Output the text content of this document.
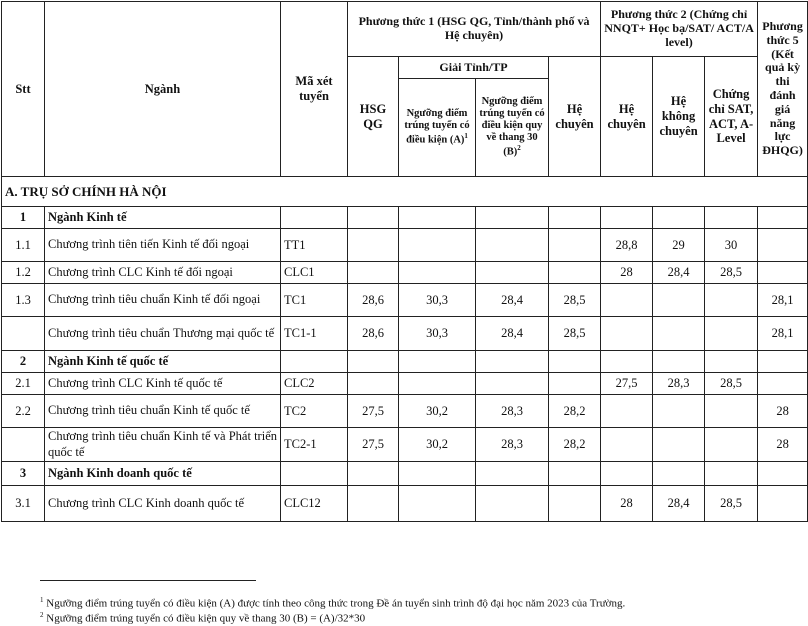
Stt	Ngành	Mã xét tuyển	Phương thức 1 (HSG QG, Tỉnh/thành phố và Hệ chuyên)				Phương thức 2 (Chứng chỉ NNQT+ Học bạ/SAT/ ACT/A level)			Phương thức 5 (Kết quả kỳ thi đánh giá năng lực ĐHQG)
			HSG QG	Giải Tỉnh/TP		Hệ chuyên	Hệ chuyên	Hệ không chuyên	Chứng chỉ SAT, ACT, A-Level	
				Ngưỡng điểm trúng tuyển có điều kiện $(A)^1$	Ngưỡng điểm trúng tuyển có điều kiện quy về thang 30 $(B)^2$
A. TRỤ SỞ CHÍNH HÀ NỘI										
1	Ngành Kinh tế									
1.1	Chương trình tiên tiến Kinh tế đối ngoại	TT1					28,8	29	30	
1.2	Chương trình CLC Kinh tế đối ngoại	CLC1					28	28,4	28,5	
1.3	Chương trình tiêu chuẩn Kinh tế đối ngoại	TC1	28,6	30,3	28,4	28,5				28,1
	Chương trình tiêu chuẩn Thương mại quốc tế	TC1-1	28,6	30,3	28,4	28,5				28,1
2	Ngành Kinh tế quốc tế									
2.1	Chương trình CLC Kinh tế quốc tế	CLC2					27,5	28,3	28,5	
2.2	Chương trình tiêu chuẩn Kinh tế quốc tế	TC2	27,5	30,2	28,3	28,2				28
	Chương trình tiêu chuẩn Kinh tế và Phát triển quốc tế	TC2-1	27,5	30,2	28,3	28,2				28
3	Ngành Kinh doanh quốc tế									
3.1	Chương trình CLC Kinh doanh quốc tế	CLC12					28	28,4	28,5	
$^1$ Ngưỡng điểm trúng tuyển có điều kiện (A) được tính theo công thức trong Đề án tuyển sinh trình độ đại học năm 2023 của Trường.
$^2$ Ngưỡng điểm trúng tuyển có điều kiện quy về thang 30 (B) = (A)/32*30
